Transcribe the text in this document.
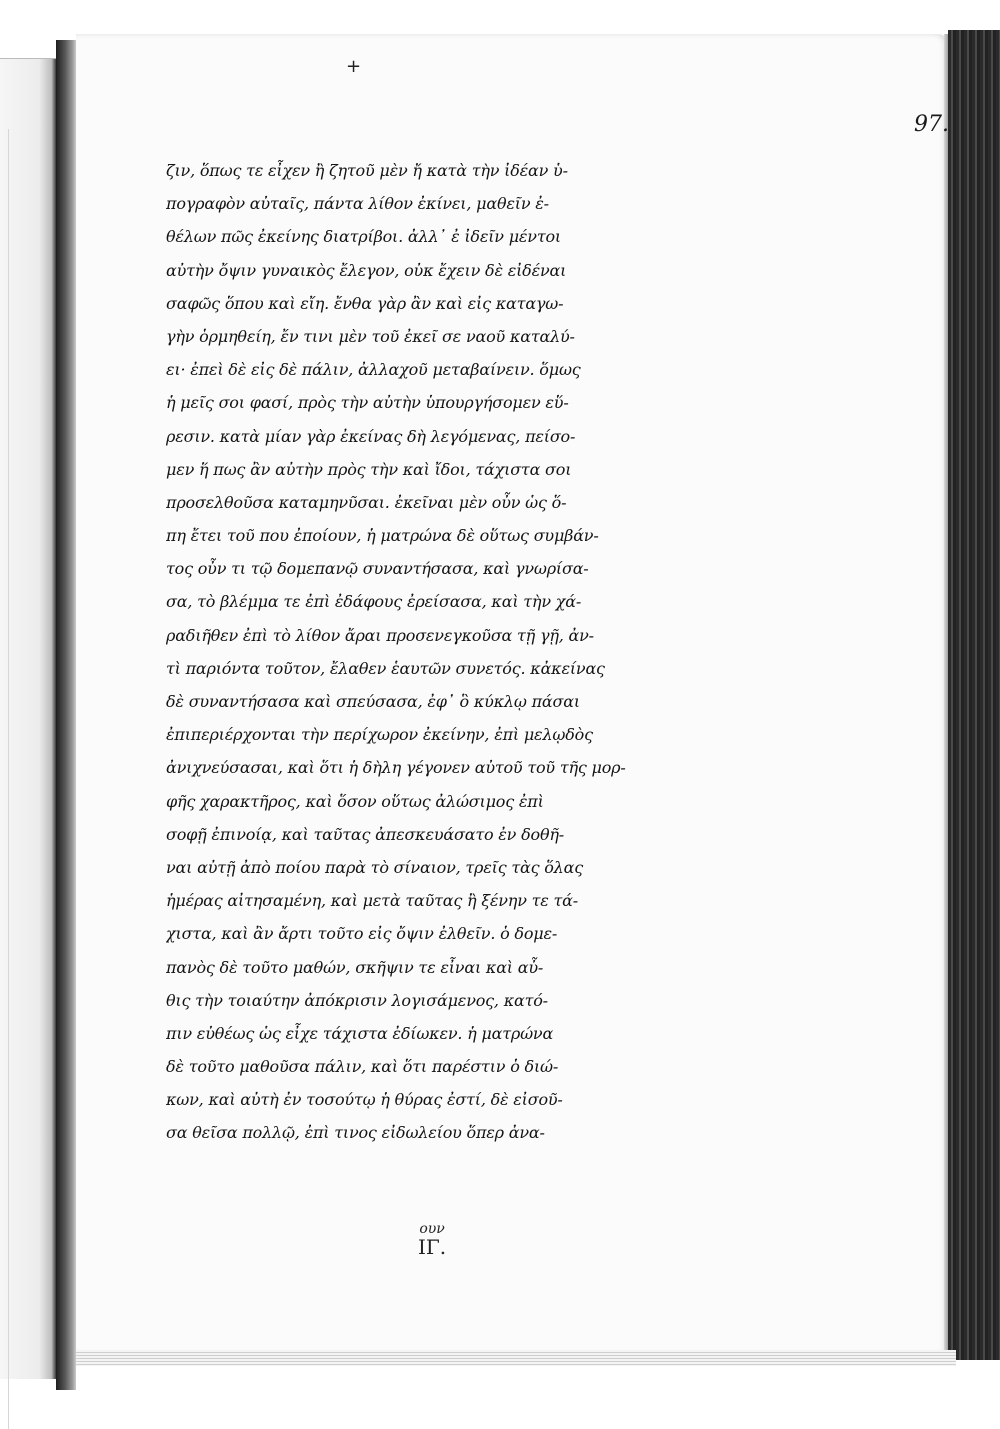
+
97.
ζιν, ὅπως τε εἶχεν ἢ ζητοῦ μὲν ἤ κατὰ τὴν ἰδέαν ὑ-
πογραφὸν αὐταῖς, πάντα λίθον ἐκίνει, μαθεῖν ἐ-
θέλων πῶς ἐκείνης διατρίβοι. ἀλλ᾽ ἐ ἰδεῖν μέντοι
αὐτὴν ὄψιν γυναικὸς ἔλεγον, οὐκ ἔχειν δὲ εἰδέναι
σαφῶς ὅπου καὶ εἴη. ἔνθα γὰρ ἂν καὶ εἰς καταγω-
γὴν ὁρμηθείη, ἔν τινι μὲν τοῦ ἐκεῖ σε ναοῦ καταλύ-
ει· ἐπεὶ δὲ εἰς δὲ πάλιν, ἀλλαχοῦ μεταβαίνειν. ὅμως
ἡ μεῖς σοι φασί, πρὸς τὴν αὐτὴν ὑπουργήσομεν εὕ-
ρεσιν. κατὰ μίαν γὰρ ἐκείνας δὴ λεγόμενας, πείσο-
μεν ἥ πως ἂν αὐτὴν πρὸς τὴν καὶ ἴδοι, τάχιστα σοι
προσελθοῦσα καταμηνῦσαι. ἐκεῖναι μὲν οὖν ὡς ὅ-
πη ἔτει τοῦ που ἐποίουν, ἡ ματρώνα δὲ οὕτως συμβάν-
τος οὖν τι τῷ δομεπανῷ συναντήσασα, καὶ γνωρίσα-
σα, τὸ βλέμμα τε ἐπὶ ἐδάφους ἐρείσασα, καὶ τὴν χά-
ραδιῆθεν ἐπὶ τὸ λίθον ἄραι προσενεγκοῦσα τῇ γῇ, ἀν-
τὶ παριόντα τοῦτον, ἔλαθεν ἑαυτῶν συνετός. κἀκείνας
δὲ συναντήσασα καὶ σπεύσασα, ἐφ᾽ ὃ κύκλῳ πάσαι
ἐπιπεριέρχονται τὴν περίχωρον ἐκείνην, ἐπὶ μελῳδὸς
ἀνιχνεύσασαι, καὶ ὅτι ἡ δὴλη γέγονεν αὐτοῦ τοῦ τῆς μορ-
φῆς χαρακτῆρος, καὶ ὅσον οὕτως ἀλώσιμος ἐπὶ
σοφῇ ἐπινοίᾳ, καὶ ταῦτας ἀπεσκευάσατο ἐν δοθῆ-
ναι αὐτῇ ἀπὸ ποίου παρὰ τὸ σίναιον, τρεῖς τὰς ὅλας
ἡμέρας αἰτησαμένη, καὶ μετὰ ταῦτας ἢ ξένην τε τά-
χιστα, καὶ ἂν ἄρτι τοῦτο εἰς ὄψιν ἐλθεῖν. ὁ δομε-
πανὸς δὲ τοῦτο μαθών, σκῆψιν τε εἶναι καὶ αὖ-
θις τὴν τοιαύτην ἀπόκρισιν λογισάμενος, κατό-
πιν εὐθέως ὡς εἶχε τάχιστα ἐδίωκεν. ἡ ματρώνα
δὲ τοῦτο μαθοῦσα πάλιν, καὶ ὅτι παρέστιν ὁ διώ-
κων, καὶ αὐτὴ ἐν τοσούτῳ ἡ θύρας ἐστί, δὲ εἰσοῦ-
σα θεῖσα πολλῷ, ἐπὶ τινος εἰδωλείου ὅπερ ἀνα-
ουν
ΙΓ.
